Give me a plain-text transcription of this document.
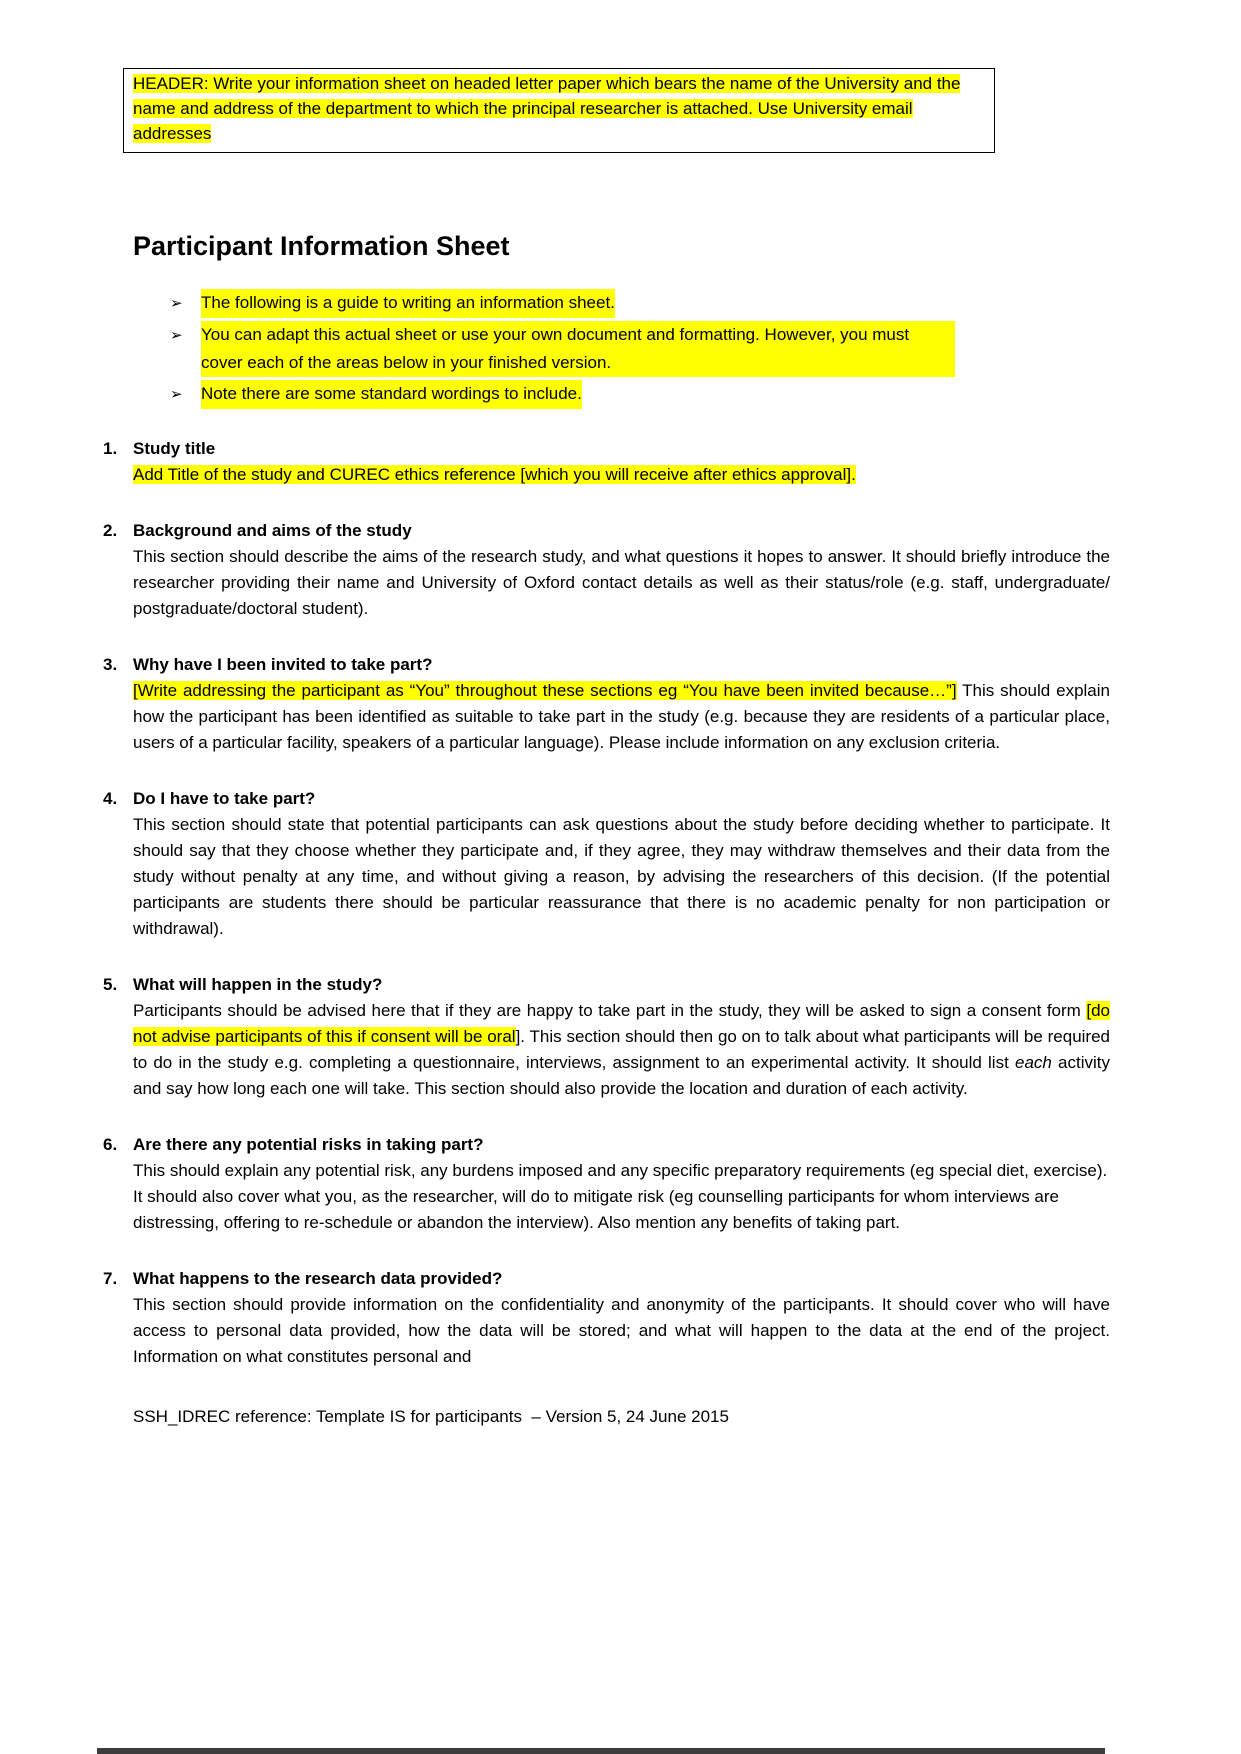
HEADER: Write your information sheet on headed letter paper which bears the name of the University and the name and address of the department to which the principal researcher is attached. Use University email addresses
Participant Information Sheet
➢	The following is a guide to writing an information sheet.
➢	You can adapt this actual sheet or use your own document and formatting. However, you must cover each of the areas below in your finished version.
➢	Note there are some standard wordings to include.
1. Study title
Add Title of the study and CUREC ethics reference [which you will receive after ethics approval].
2. Background and aims of the study
This section should describe the aims of the research study, and what questions it hopes to answer. It should briefly introduce the researcher providing their name and University of Oxford contact details as well as their status/role (e.g. staff, undergraduate/ postgraduate/doctoral student).
3. Why have I been invited to take part?
[Write addressing the participant as “You” throughout these sections eg “You have been invited because…”] This should explain how the participant has been identified as suitable to take part in the study (e.g. because they are residents of a particular place, users of a particular facility, speakers of a particular language). Please include information on any exclusion criteria.
4. Do I have to take part?
This section should state that potential participants can ask questions about the study before deciding whether to participate. It should say that they choose whether they participate and, if they agree, they may withdraw themselves and their data from the study without penalty at any time, and without giving a reason, by advising the researchers of this decision. (If the potential participants are students there should be particular reassurance that there is no academic penalty for non participation or withdrawal).
5. What will happen in the study?
Participants should be advised here that if they are happy to take part in the study, they will be asked to sign a consent form [do not advise participants of this if consent will be oral]. This section should then go on to talk about what participants will be required to do in the study e.g. completing a questionnaire, interviews, assignment to an experimental activity. It should list each activity and say how long each one will take. This section should also provide the location and duration of each activity.
6. Are there any potential risks in taking part?
This should explain any potential risk, any burdens imposed and any specific preparatory requirements (eg special diet, exercise). It should also cover what you, as the researcher, will do to mitigate risk (eg counselling participants for whom interviews are distressing, offering to re-schedule or abandon the interview). Also mention any benefits of taking part.
7. What happens to the research data provided?
This section should provide information on the confidentiality and anonymity of the participants. It should cover who will have access to personal data provided, how the data will be stored; and what will happen to the data at the end of the project. Information on what constitutes personal and
SSH_IDREC reference: Template IS for participants  – Version 5, 24 June 2015
